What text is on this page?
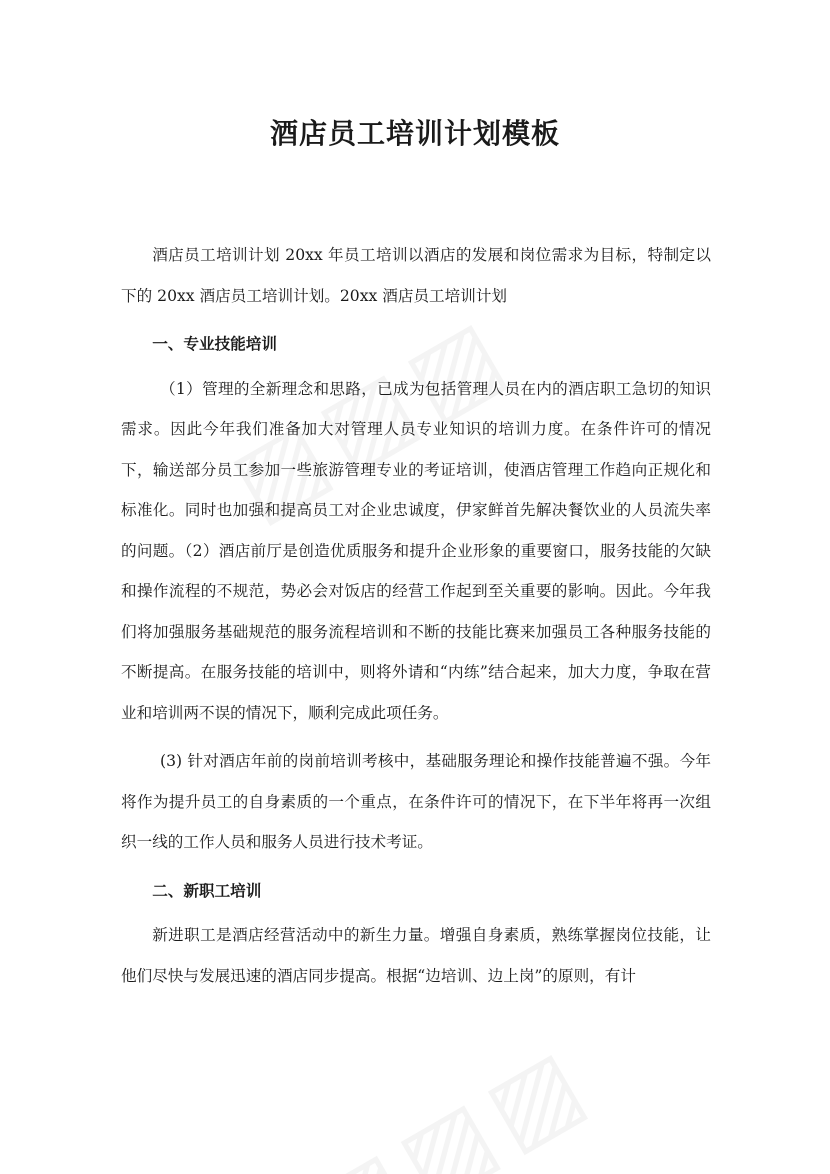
酒店员工培训计划模板

酒店员工培训计划 20xx 年员工培训以酒店的发展和岗位需求为目标，特制定以下的 20xx 酒店员工培训计划。20xx 酒店员工培训计划

一、专业技能培训

（1）管理的全新理念和思路，已成为包括管理人员在内的酒店职工急切的知识需求。因此今年我们准备加大对管理人员专业知识的培训力度。在条件许可的情况下，输送部分员工参加一些旅游管理专业的考证培训，使酒店管理工作趋向正规化和标准化。同时也加强和提高员工对企业忠诚度，伊家鲜首先解决餐饮业的人员流失率的问题。（2）酒店前厅是创造优质服务和提升企业形象的重要窗口，服务技能的欠缺和操作流程的不规范，势必会对饭店的经营工作起到至关重要的影响。因此。今年我们将加强服务基础规范的服务流程培训和不断的技能比赛来加强员工各种服务技能的不断提高。在服务技能的培训中，则将外请和“内练”结合起来，加大力度，争取在营业和培训两不误的情况下，顺利完成此项任务。

(3) 针对酒店年前的岗前培训考核中，基础服务理论和操作技能普遍不强。今年将作为提升员工的自身素质的一个重点，在条件许可的情况下，在下半年将再一次组织一线的工作人员和服务人员进行技术考证。

二、新职工培训

新进职工是酒店经营活动中的新生力量。增强自身素质，熟练掌握岗位技能，让他们尽快与发展迅速的酒店同步提高。根据“边培训、边上岗”的原则，有计
